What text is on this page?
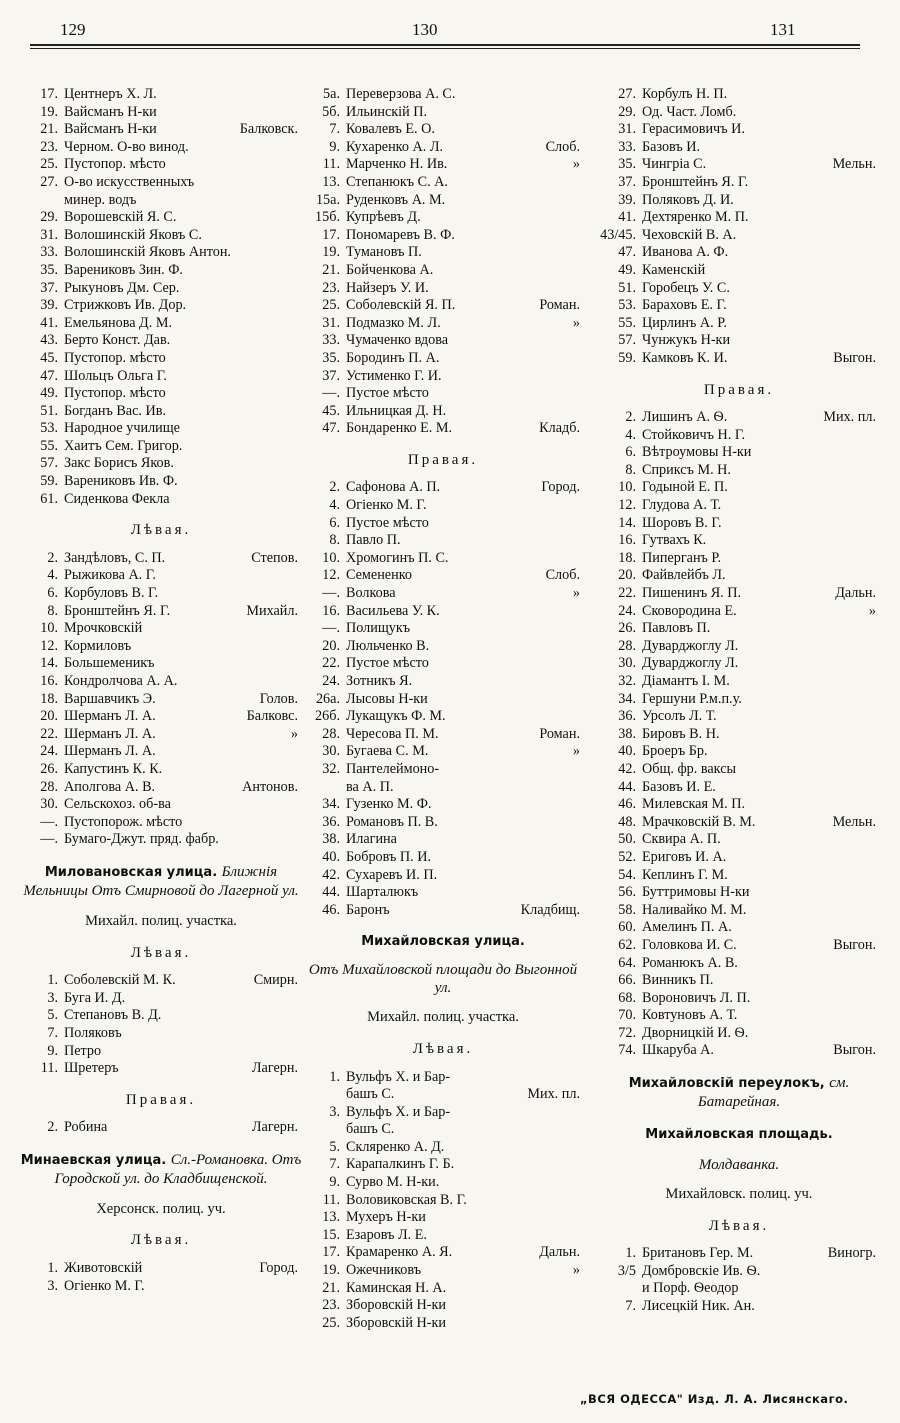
129	130	131
17. Центнеръ Х. Л.
19. Вайсманъ Н-ки
21. Вайсманъ Н-ки	Балковск.
23. Черном. О-во винод.
25. Пустопор. мѣсто
27. О-во искусственныхъ
минер. водъ
29. Ворошевскій Я. С.
31. Волошинскій Яковъ С.
33. Волошинскій Яковъ Антон.
35. Варениковъ Зин. Ф.
37. Рыкуновъ Дм. Сер.
39. Стрижковъ Ив. Дор.
41. Емельянова Д. М.
43. Берто Конст. Дав.
45. Пустопор. мѣсто
47. Шольцъ Ольга Г.
49. Пустопор. мѣсто
51. Богданъ Вас. Ив.
53. Народное училище
55. Хаитъ Сем. Григор.
57. Закс Борисъ Яков.
59. Варениковъ Ив. Ф.
61. Сиденкова Фекла
Лѣвая.
2. Зандѣловъ, С. П.	Степов.
4. Рыжикова А. Г.
6. Корбуловъ В. Г.
8. Бронштейнъ Я. Г.	Михайл.
10. Мрочковскій
12. Кормиловъ
14. Большеменикъ
16. Кондролчова А. А.
18. Варшавчикъ Э.	Голов.
20. Шерманъ Л. А.	Балковс.
22. Шерманъ Л. А.	»
24. Шерманъ Л. А.
26. Капустинъ К. К.
28. Аполгова А. В.	Антонов.
30. Сельскохоз. об-ва
—. Пустопорож. мѣсто
—. Бумаго-Джут. пряд. фабр.
Миловановская улица. Ближнія Мельницы Отъ Смирновой до Лагерной ул.
Михайл. полиц. участка.
Лѣвая.
1. Соболевскій М. К.	Смирн.
3. Буга И. Д.
5. Степановъ В. Д.
7. Поляковъ
9. Петро
11. Шретеръ	Лагерн.
Правая.
2. Робина	Лагерн.
Минаевская улица. Сл.-Романовка. Отъ Городской ул. до Кладбищенской.
Херсонск. полиц. уч.
Лѣвая.
1. Животовскій	Город.
3. Огіенко М. Г.
5а. Переверзова А. С.
5б. Ильинскій П.
7. Ковалевъ Е. О.
9. Кухаренко А. Л.	Слоб.
11. Марченко Н. Ив.	»
13. Степанюкъ С. А.
15а. Руденковъ А. М.
15б. Купрѣевъ Д.
17. Пономаревъ В. Ф.
19. Тумановъ П.
21. Бойченкова А.
23. Найзеръ У. И.
25. Соболевскій Я. П.	Роман.
31. Подмазко М. Л.	»
33. Чумаченко вдова
35. Бородинъ П. А.
37. Устименко Г. И.
—. Пустое мѣсто
45. Ильницкая Д. Н.
47. Бондаренко Е. М.	Кладб.
Правая.
2. Сафонова А. П.	Город.
4. Огіенко М. Г.
6. Пустое мѣсто
8. Павло П.
10. Хромогинъ П. С.
12. Семененко	Слоб.
—. Волкова	»
16. Васильева У. К.
—. Полищукъ
20. Люльченко В.
22. Пустое мѣсто
24. Зотникъ Я.
26а. Лысовы Н-ки
26б. Лукащукъ Ф. М.
28. Чересова П. М.	Роман.
30. Бугаева С. М.	»
32. Пантелеймоно-
ва А. П.
34. Гузенко М. Ф.
36. Романовъ П. В.
38. Илагина
40. Бобровъ П. И.
42. Сухаревъ И. П.
44. Шарталюкъ
46. Баронъ	Кладбищ.
Михайловская улица.
Отъ Михайловской площади до Выгонной ул.
Михайл. полиц. участка.
Лѣвая.
1. Вульфъ Х. и Бар-
башъ С.	Мих. пл.
3. Вульфъ Х. и Бар-
башъ С.
5. Скляренко А. Д.
7. Карапалкинъ Г. Б.
9. Сурво М. Н-ки.
11. Воловиковская В. Г.
13. Мухеръ Н-ки
15. Езаровъ Л. Е.
17. Крамаренко А. Я.	Дальн.
19. Ожечниковъ	»
21. Каминская Н. А.
23. Зборовскій Н-ки
25. Зборовскій Н-ки
27. Корбулъ Н. П.
29. Од. Част. Ломб.
31. Герасимовичъ И.
33. Базовъ И.
35. Чингріа С.	Мельн.
37. Бронштейнъ Я. Г.
39. Поляковъ Д. И.
41. Дехтяренко М. П.
43/45. Чеховскій В. А.
47. Иванова А. Ф.
49. Каменскій
51. Горобецъ У. С.
53. Бараховъ Е. Г.
55. Цирлинъ А. Р.
57. Чунжукъ Н-ки
59. Камковъ К. И.	Выгон.
Правая.
2. Лишинъ А. Ѳ.	Мих. пл.
4. Стойковичъ Н. Г.
6. Вѣтроумовы Н-ки
8. Сприксъ М. Н.
10. Годыной Е. П.
12. Глудова А. Т.
14. Шоровъ В. Г.
16. Гутвахъ К.
18. Пиперганъ Р.
20. Файвлейбъ Л.
22. Пишенинъ Я. П.	Дальн.
24. Сковородина Е.	»
26. Павловъ П.
28. Дуварджоглу Л.
30. Дуварджоглу Л.
32. Діамантъ І. М.
34. Гершуни Р.м.п.у.
36. Урсолъ Л. Т.
38. Бировъ В. Н.
40. Броеръ Бр.
42. Общ. фр. ваксы
44. Базовъ И. Е.
46. Милевская М. П.
48. Мрачковскій В. М.	Мельн.
50. Сквира А. П.
52. Ериговъ И. А.
54. Кеплинъ Г. М.
56. Буттримовы Н-ки
58. Наливайко М. М.
60. Амелинъ П. А.
62. Головкова И. С.	Выгон.
64. Романюкъ А. В.
66. Винникъ П.
68. Вороновичъ Л. П.
70. Ковтуновъ А. Т.
72. Дворницкій И. Ѳ.
74. Шкаруба А.	Выгон.
Михайловскій переулокъ, см. Батарейная.
Михайловская площадь.
Молдаванка.
Михайловск. полиц. уч.
Лѣвая.
1. Британовъ Гер. М.	Виногр.
3/5 Домбровскіе Ив. Ѳ.
и Порф. Ѳеодор
7. Лисецкій Ник. Ан.
„ВСЯ ОДЕССА" Изд. Л. А. Лисянскаго.
